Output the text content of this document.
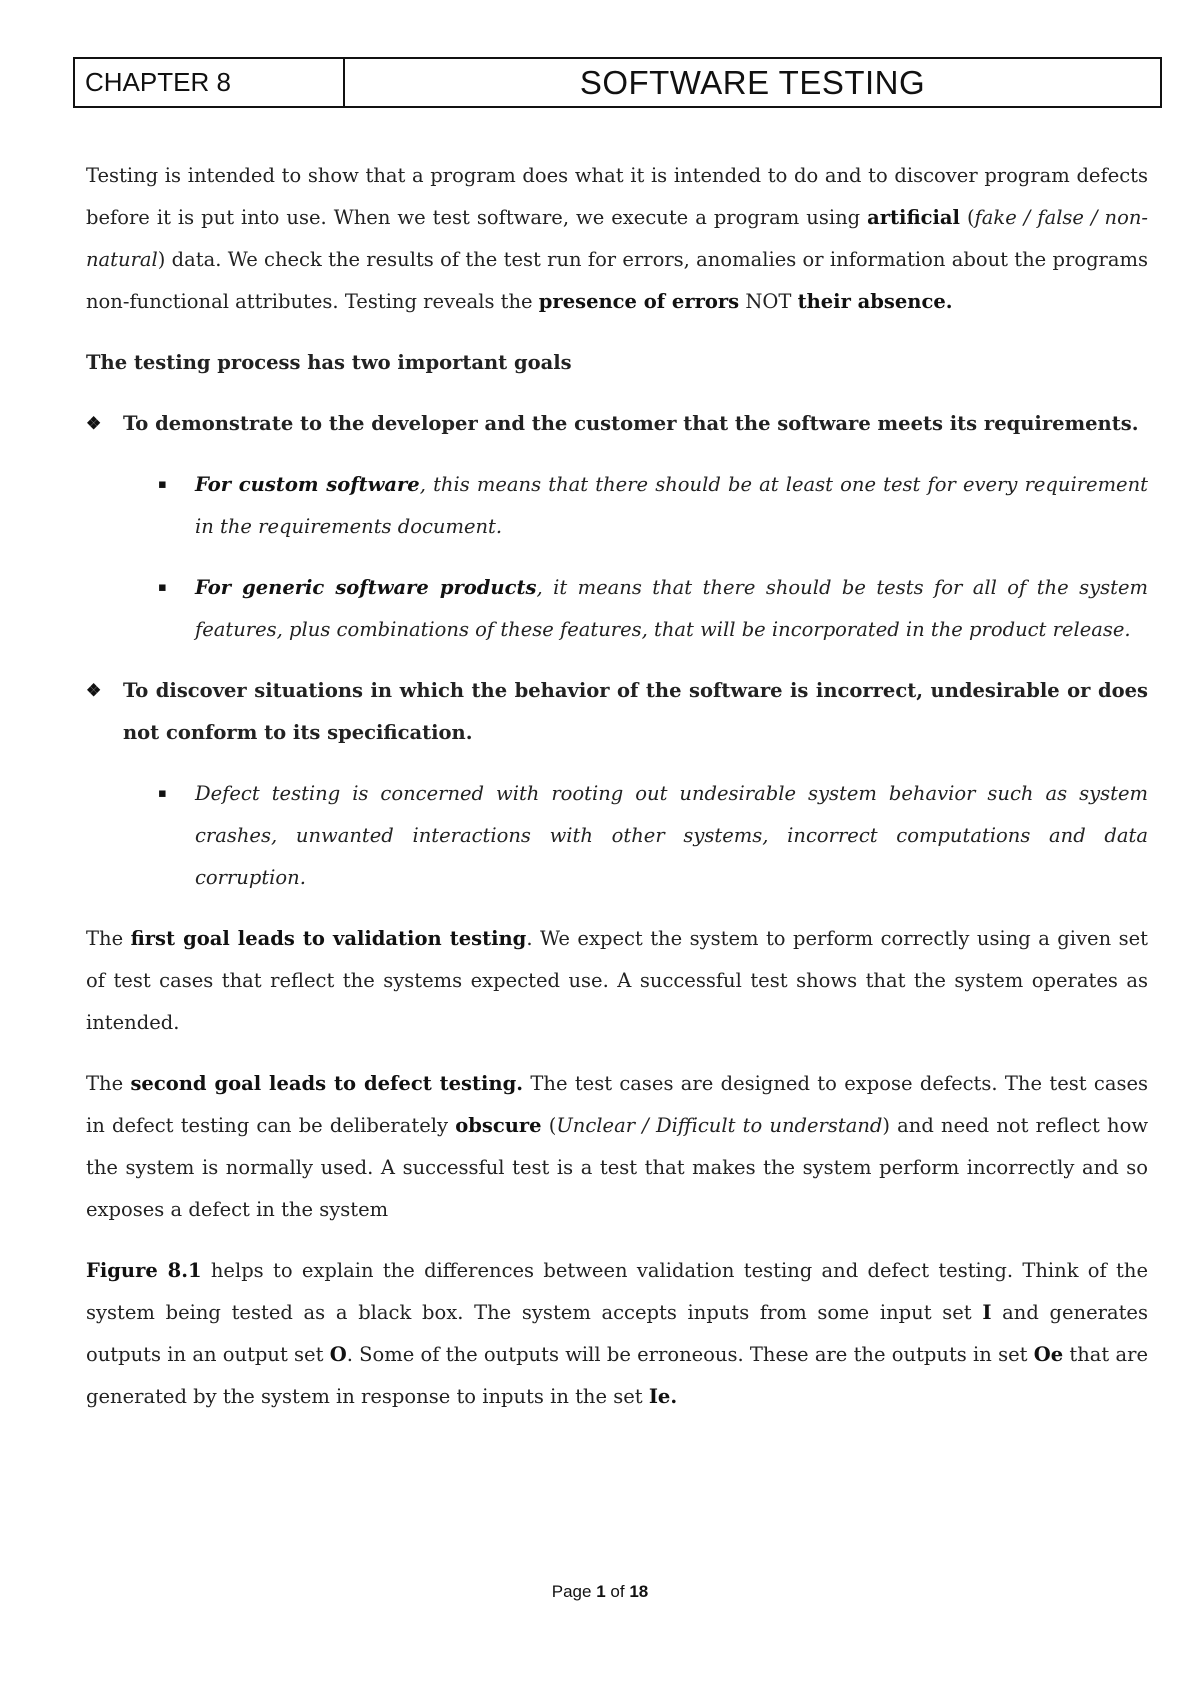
CHAPTER 8	SOFTWARE TESTING

Testing is intended to show that a program does what it is intended to do and to discover program defects before it is put into use. When we test software, we execute a program using artificial (fake / false / non-natural) data. We check the results of the test run for errors, anomalies or information about the programs non-functional attributes. Testing reveals the presence of errors NOT their absence.

The testing process has two important goals

❖	To demonstrate to the developer and the customer that the software meets its requirements.
▪	For custom software, this means that there should be at least one test for every requirement in the requirements document.
▪	For generic software products, it means that there should be tests for all of the system features, plus combinations of these features, that will be incorporated in the product release.
❖	To discover situations in which the behavior of the software is incorrect, undesirable or does not conform to its specification.
▪	Defect testing is concerned with rooting out undesirable system behavior such as system crashes, unwanted interactions with other systems, incorrect computations and data corruption.

The first goal leads to validation testing. We expect the system to perform correctly using a given set of test cases that reflect the systems expected use. A successful test shows that the system operates as intended.

The second goal leads to defect testing. The test cases are designed to expose defects. The test cases in defect testing can be deliberately obscure (Unclear / Difficult to understand) and need not reflect how the system is normally used. A successful test is a test that makes the system perform incorrectly and so exposes a defect in the system

Figure 8.1 helps to explain the differences between validation testing and defect testing. Think of the system being tested as a black box. The system accepts inputs from some input set I and generates outputs in an output set O. Some of the outputs will be erroneous. These are the outputs in set Oe that are generated by the system in response to inputs in the set Ie.

Page 1 of 18
